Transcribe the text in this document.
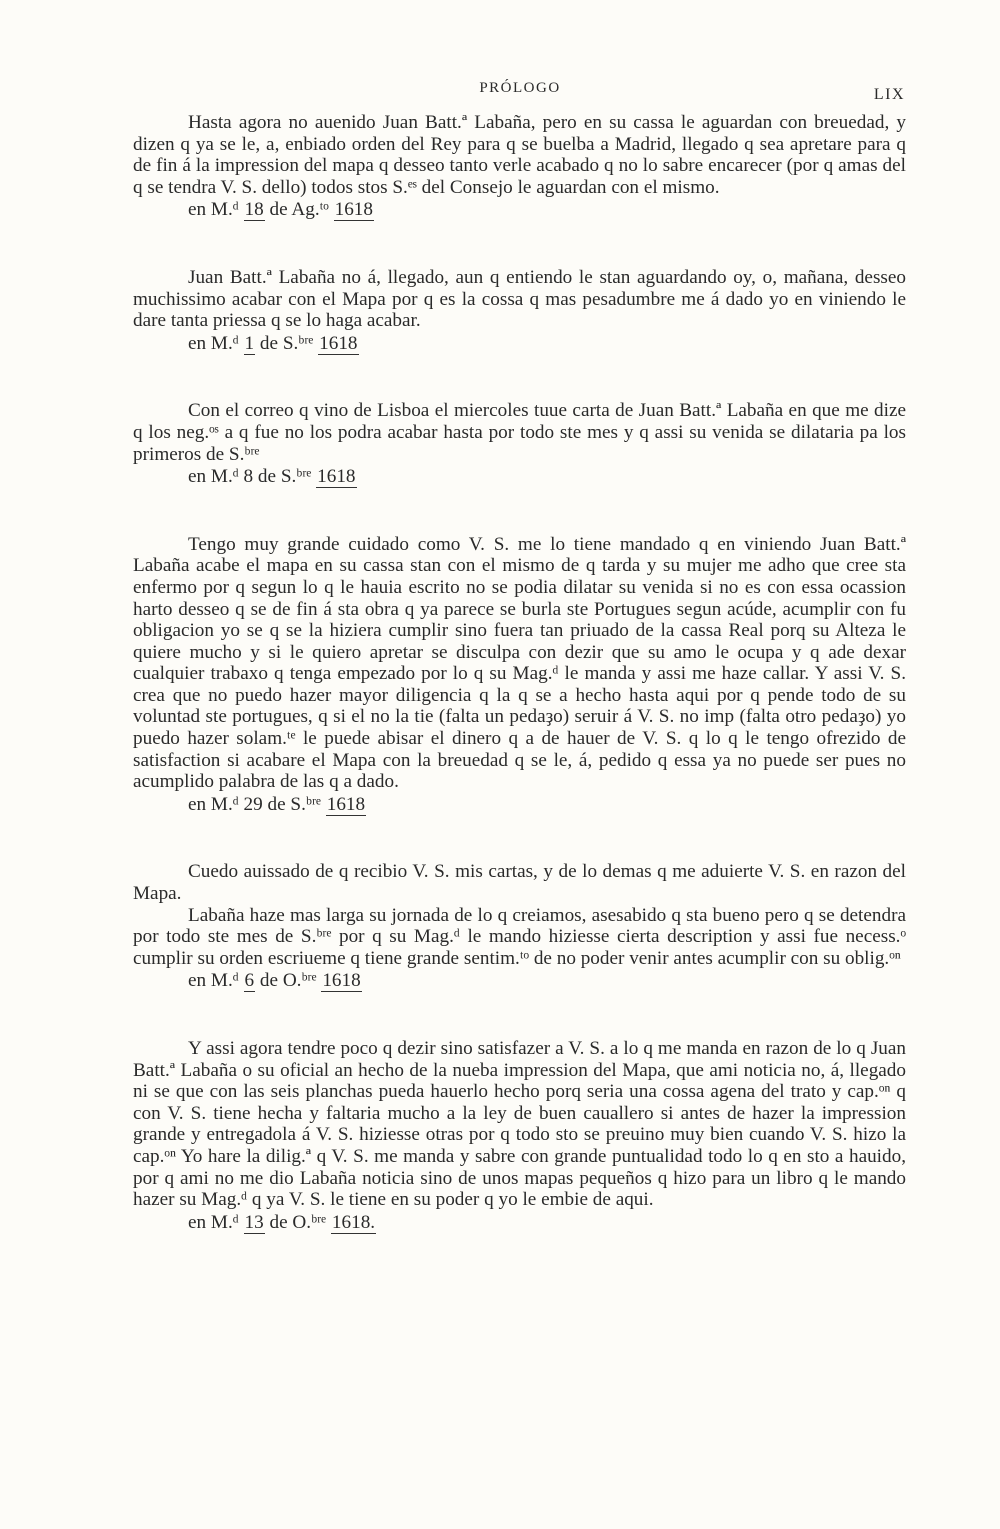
PRÓLOGO	LIX

Hasta agora no auenido Juan Batt.ª Labaña, pero en su cassa le aguardan con breuedad, y dizen q ya se le, a, enbiado orden del Rey para q se buelba a Madrid, llegado q sea apretare para q de fin á la impression del mapa q desseo tanto verle acabado q no lo sabre encarecer (por q amas del q se tendra V. S. dello) todos stos S.ᵉˢ del Consejo le aguardan con el mismo.

en M.ᵈ 18 de Ag.ᵗᵒ 1618

Juan Batt.ª Labaña no á, llegado, aun q entiendo le stan aguardando oy, o, mañana, desseo muchissimo acabar con el Mapa por q es la cossa q mas pesadumbre me á dado yo en viniendo le dare tanta priessa q se lo haga acabar.

en M.ᵈ 1 de S.ᵇʳᵉ 1618

Con el correo q vino de Lisboa el miercoles tuue carta de Juan Batt.ª Labaña en que me dize q los neg.ᵒˢ a q fue no los podra acabar hasta por todo ste mes y q assi su venida se dilataria pa los primeros de S.ᵇʳᵉ

en M.ᵈ 8 de S.ᵇʳᵉ 1618

Tengo muy grande cuidado como V. S. me lo tiene mandado q en viniendo Juan Batt.ª Labaña acabe el mapa en su cassa stan con el mismo de q tarda y su mujer me adho que cree sta enfermo por q segun lo q le hauia escrito no se podia dilatar su venida si no es con essa ocassion harto desseo q se de fin á sta obra q ya parece se burla ste Portugues segun acúde, acumplir con fu obligacion yo se q se la hiziera cumplir sino fuera tan priuado de la cassa Real porq su Alteza le quiere mucho y si le quiero apretar se disculpa con dezir que su amo le ocupa y q ade dexar cualquier trabaxo q tenga empezado por lo q su Mag.ᵈ le manda y assi me haze callar. Y assi V. S. crea que no puedo hazer mayor diligencia q la q se a hecho hasta aqui por q pende todo de su voluntad ste portugues, q si el no la tie (falta un pedaҙo) seruir á V. S. no imp (falta otro pedaҙo) yo puedo hazer solam.ᵗᵉ le puede abisar el dinero q a de hauer de V. S. q lo q le tengo ofrezido de satisfaction si acabare el Mapa con la breuedad q se le, á, pedido q essa ya no puede ser pues no acumplido palabra de las q a dado.

en M.ᵈ 29 de S.ᵇʳᵉ 1618

Cuedo auissado de q recibio V. S. mis cartas, y de lo demas q me aduierte V. S. en razon del Mapa.

Labaña haze mas larga su jornada de lo q creiamos, asesabido q sta bueno pero q se detendra por todo ste mes de S.ᵇʳᵉ por q su Mag.ᵈ le mando hiziesse cierta description y assi fue necess.ᵒ cumplir su orden escriueme q tiene grande sentim.ᵗᵒ de no poder venir antes acumplir con su oblig.ᵒⁿ

en M.ᵈ 6 de O.ᵇʳᵉ 1618

Y assi agora tendre poco q dezir sino satisfazer a V. S. a lo q me manda en razon de lo q Juan Batt.ª Labaña o su oficial an hecho de la nueba impression del Mapa, que ami noticia no, á, llegado ni se que con las seis planchas pueda hauerlo hecho porq seria una cossa agena del trato y cap.ᵒⁿ q con V. S. tiene hecha y faltaria mucho a la ley de buen cauallero si antes de hazer la impression grande y entregadola á V. S. hiziesse otras por q todo sto se preuino muy bien cuando V. S. hizo la cap.ᵒⁿ Yo hare la dilig.ª q V. S. me manda y sabre con grande puntualidad todo lo q en sto a hauido, por q ami no me dio Labaña noticia sino de unos mapas pequeños q hizo para un libro q le mando hazer su Mag.ᵈ q ya V. S. le tiene en su poder q yo le embie de aqui.

en M.ᵈ 13 de O.ᵇʳᵉ 1618.
